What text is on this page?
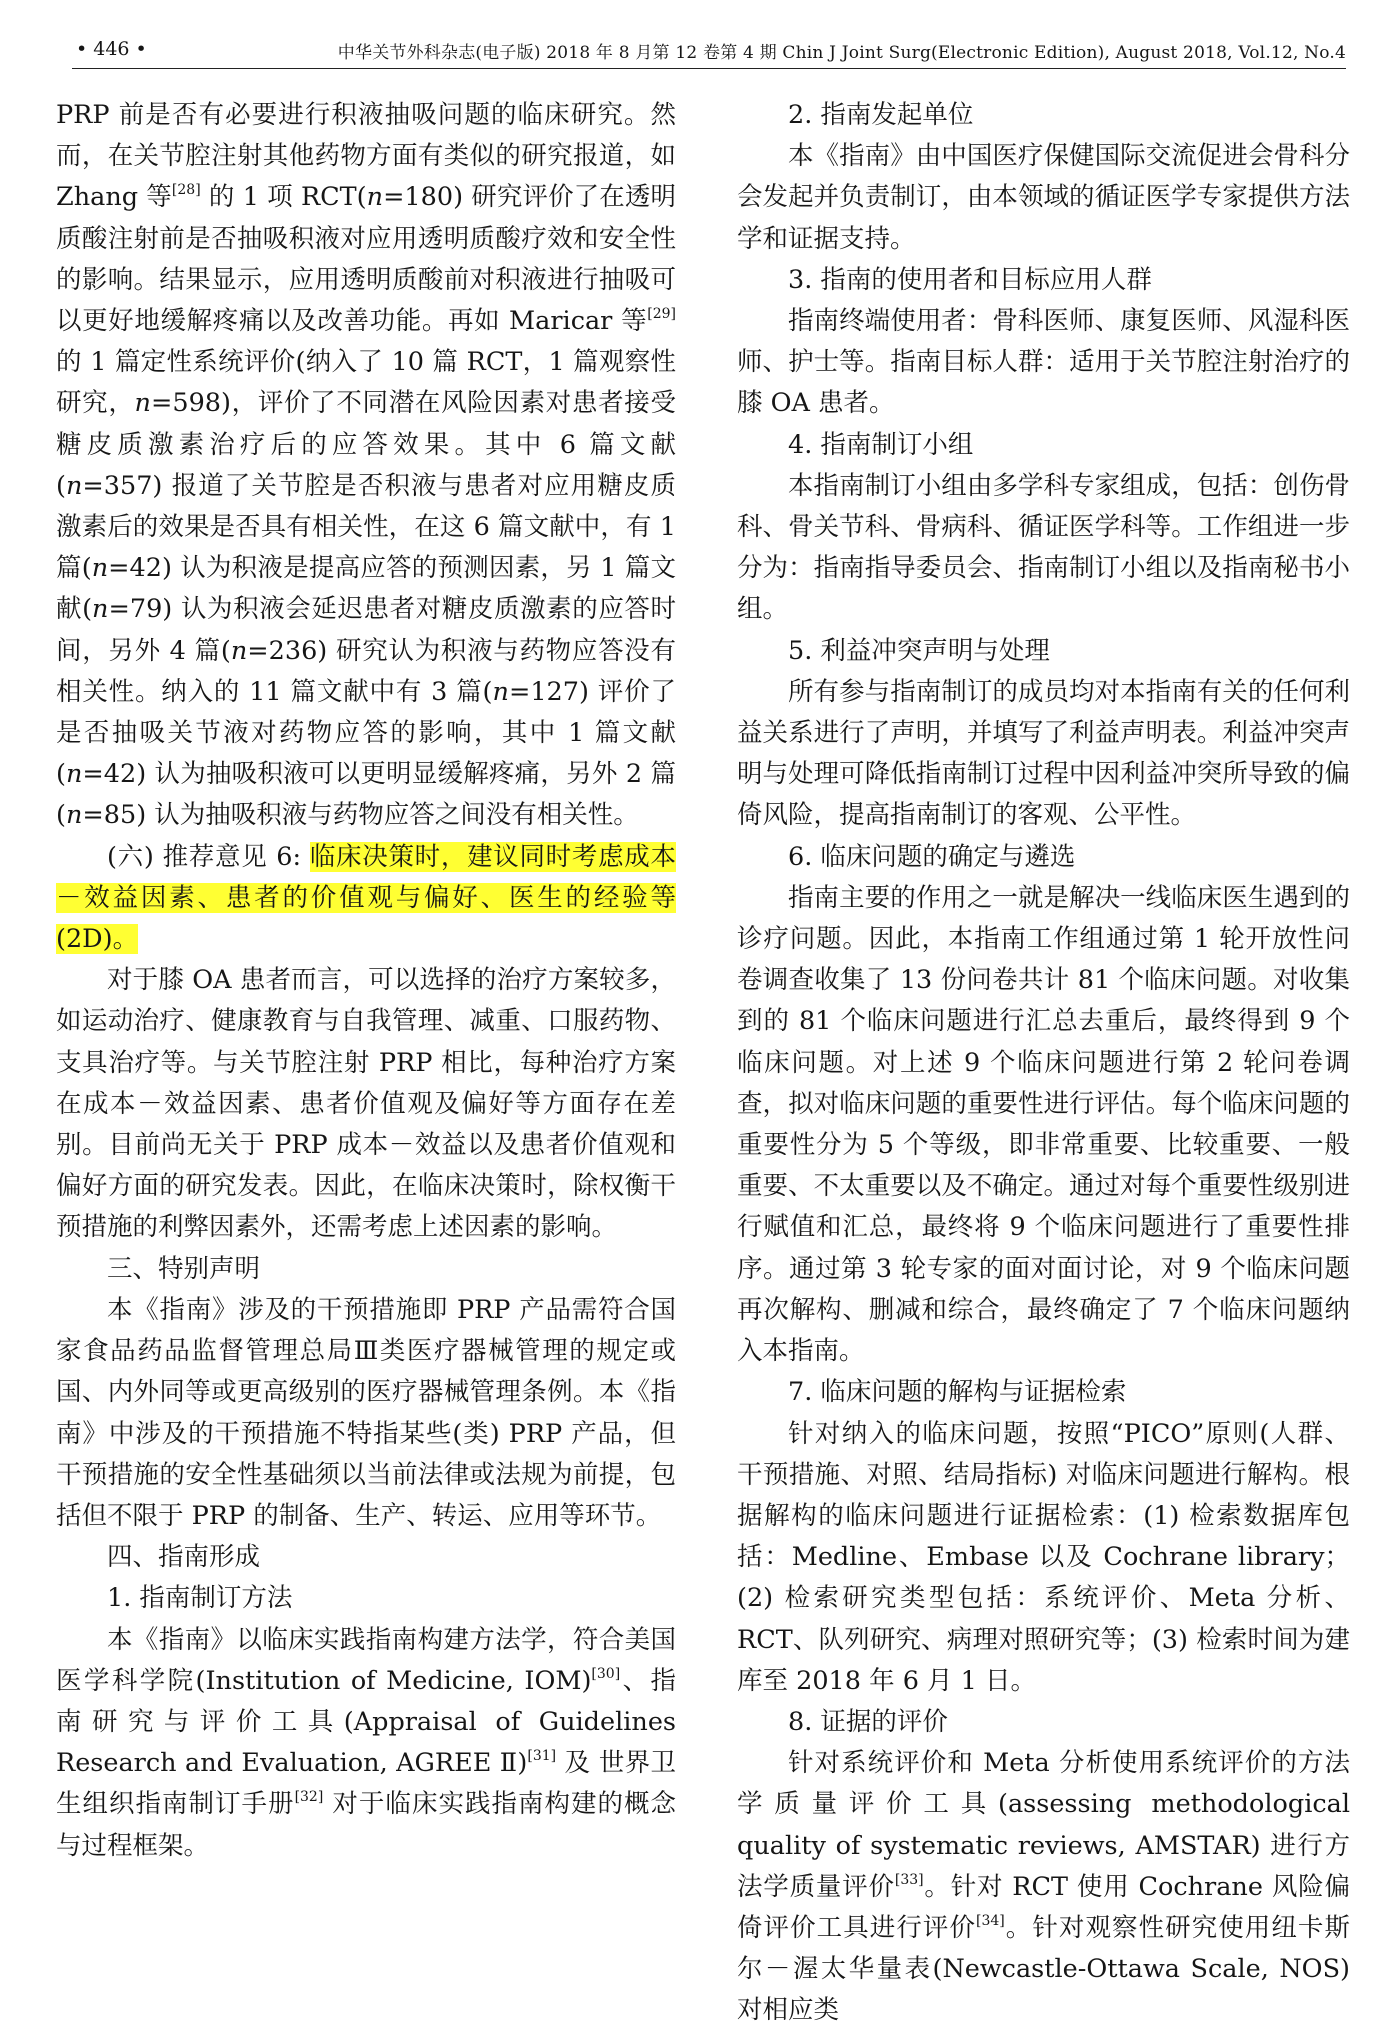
• 446 •	中华关节外科杂志(电子版) 2018 年 8 月第 12 卷第 4 期 Chin J Joint Surg(Electronic Edition), August 2018, Vol.12, No.4

PRP 前是否有必要进行积液抽吸问题的临床研究。然而，在关节腔注射其他药物方面有类似的研究报道，如 Zhang 等[28] 的 1 项 RCT(n=180) 研究评价了在透明质酸注射前是否抽吸积液对应用透明质酸疗效和安全性的影响。结果显示，应用透明质酸前对积液进行抽吸可以更好地缓解疼痛以及改善功能。再如 Maricar 等[29] 的 1 篇定性系统评价(纳入了 10 篇 RCT，1 篇观察性研究，n=598)，评价了不同潜在风险因素对患者接受糖皮质激素治疗后的应答效果。其中 6 篇文献(n=357) 报道了关节腔是否积液与患者对应用糖皮质激素后的效果是否具有相关性，在这 6 篇文献中，有 1 篇(n=42) 认为积液是提高应答的预测因素，另 1 篇文献(n=79) 认为积液会延迟患者对糖皮质激素的应答时间，另外 4 篇(n=236) 研究认为积液与药物应答没有相关性。纳入的 11 篇文献中有 3 篇(n=127) 评价了是否抽吸关节液对药物应答的影响，其中 1 篇文献(n=42) 认为抽吸积液可以更明显缓解疼痛，另外 2 篇(n=85) 认为抽吸积液与药物应答之间没有相关性。

(六) 推荐意见 6: 临床决策时，建议同时考虑成本－效益因素、患者的价值观与偏好、医生的经验等 (2D)。

对于膝 OA 患者而言，可以选择的治疗方案较多，如运动治疗、健康教育与自我管理、减重、口服药物、支具治疗等。与关节腔注射 PRP 相比，每种治疗方案在成本－效益因素、患者价值观及偏好等方面存在差别。目前尚无关于 PRP 成本－效益以及患者价值观和偏好方面的研究发表。因此，在临床决策时，除权衡干预措施的利弊因素外，还需考虑上述因素的影响。

三、特别声明

本《指南》涉及的干预措施即 PRP 产品需符合国家食品药品监督管理总局Ⅲ类医疗器械管理的规定或国、内外同等或更高级别的医疗器械管理条例。本《指南》中涉及的干预措施不特指某些(类) PRP 产品，但干预措施的安全性基础须以当前法律或法规为前提，包括但不限于 PRP 的制备、生产、转运、应用等环节。

四、指南形成

1. 指南制订方法

本《指南》以临床实践指南构建方法学，符合美国医学科学院(Institution of Medicine, IOM)[30]、指南研究与评价工具(Appraisal of Guidelines Research and Evaluation, AGREE Ⅱ)[31] 及 世界卫生组织指南制订手册[32] 对于临床实践指南构建的概念与过程框架。

2. 指南发起单位

本《指南》由中国医疗保健国际交流促进会骨科分会发起并负责制订，由本领域的循证医学专家提供方法学和证据支持。

3. 指南的使用者和目标应用人群

指南终端使用者：骨科医师、康复医师、风湿科医师、护士等。指南目标人群：适用于关节腔注射治疗的膝 OA 患者。

4. 指南制订小组

本指南制订小组由多学科专家组成，包括：创伤骨科、骨关节科、骨病科、循证医学科等。工作组进一步分为：指南指导委员会、指南制订小组以及指南秘书小组。

5. 利益冲突声明与处理

所有参与指南制订的成员均对本指南有关的任何利益关系进行了声明，并填写了利益声明表。利益冲突声明与处理可降低指南制订过程中因利益冲突所导致的偏倚风险，提高指南制订的客观、公平性。

6. 临床问题的确定与遴选

指南主要的作用之一就是解决一线临床医生遇到的诊疗问题。因此，本指南工作组通过第 1 轮开放性问卷调查收集了 13 份问卷共计 81 个临床问题。对收集到的 81 个临床问题进行汇总去重后，最终得到 9 个临床问题。对上述 9 个临床问题进行第 2 轮问卷调查，拟对临床问题的重要性进行评估。每个临床问题的重要性分为 5 个等级，即非常重要、比较重要、一般重要、不太重要以及不确定。通过对每个重要性级别进行赋值和汇总，最终将 9 个临床问题进行了重要性排序。通过第 3 轮专家的面对面讨论，对 9 个临床问题再次解构、删减和综合，最终确定了 7 个临床问题纳入本指南。

7. 临床问题的解构与证据检索

针对纳入的临床问题，按照“PICO”原则(人群、干预措施、对照、结局指标) 对临床问题进行解构。根据解构的临床问题进行证据检索：(1) 检索数据库包括：Medline、Embase 以及 Cochrane library；(2) 检索研究类型包括：系统评价、Meta 分析、RCT、队列研究、病理对照研究等；(3) 检索时间为建库至 2018 年 6 月 1 日。

8. 证据的评价

针对系统评价和 Meta 分析使用系统评价的方法学质量评价工具(assessing methodological quality of systematic reviews, AMSTAR) 进行方法学质量评价[33]。针对 RCT 使用 Cochrane 风险偏倚评价工具进行评价[34]。针对观察性研究使用纽卡斯尔－渥太华量表(Newcastle-Ottawa Scale, NOS) 对相应类
